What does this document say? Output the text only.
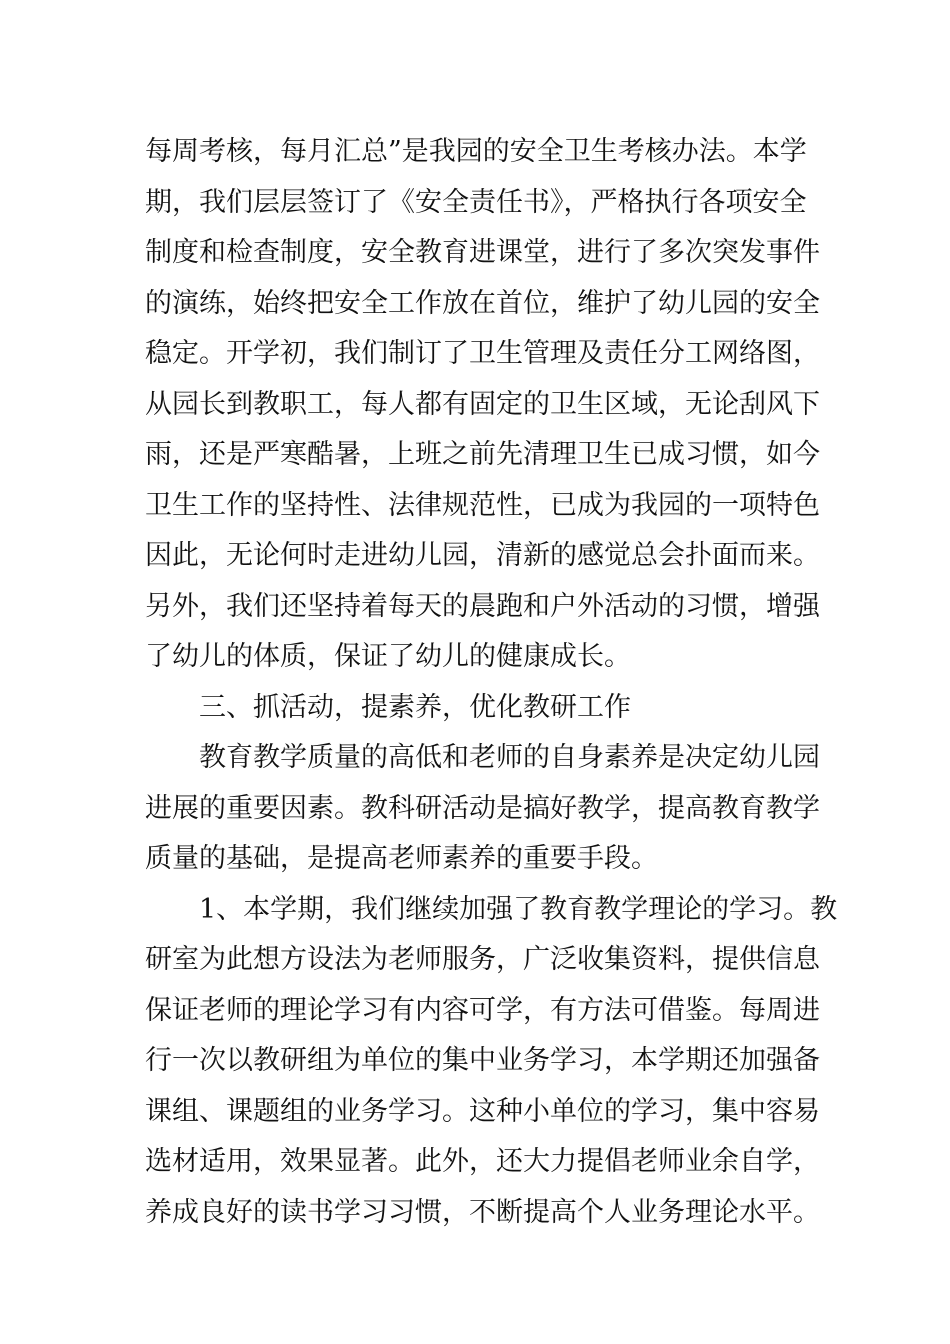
每周考核，每月汇总”是我园的安全卫生考核办法。本学
期，我们层层签订了《安全责任书》，严格执行各项安全
制度和检查制度，安全教育进课堂，进行了多次突发事件
的演练，始终把安全工作放在首位，维护了幼儿园的安全
稳定。开学初，我们制订了卫生管理及责任分工网络图，
从园长到教职工，每人都有固定的卫生区域，无论刮风下
雨，还是严寒酷暑，上班之前先清理卫生已成习惯，如今
卫生工作的坚持性、法律规范性，已成为我园的一项特色
因此，无论何时走进幼儿园，清新的感觉总会扑面而来。
另外，我们还坚持着每天的晨跑和户外活动的习惯，增强
了幼儿的体质，保证了幼儿的健康成长。
三、抓活动，提素养，优化教研工作
教育教学质量的高低和老师的自身素养是决定幼儿园
进展的重要因素。教科研活动是搞好教学，提高教育教学
质量的基础，是提高老师素养的重要手段。
1、本学期，我们继续加强了教育教学理论的学习。教
研室为此想方设法为老师服务，广泛收集资料，提供信息
保证老师的理论学习有内容可学，有方法可借鉴。每周进
行一次以教研组为单位的集中业务学习，本学期还加强备
课组、课题组的业务学习。这种小单位的学习，集中容易
选材适用，效果显著。此外，还大力提倡老师业余自学，
养成良好的读书学习习惯，不断提高个人业务理论水平。
